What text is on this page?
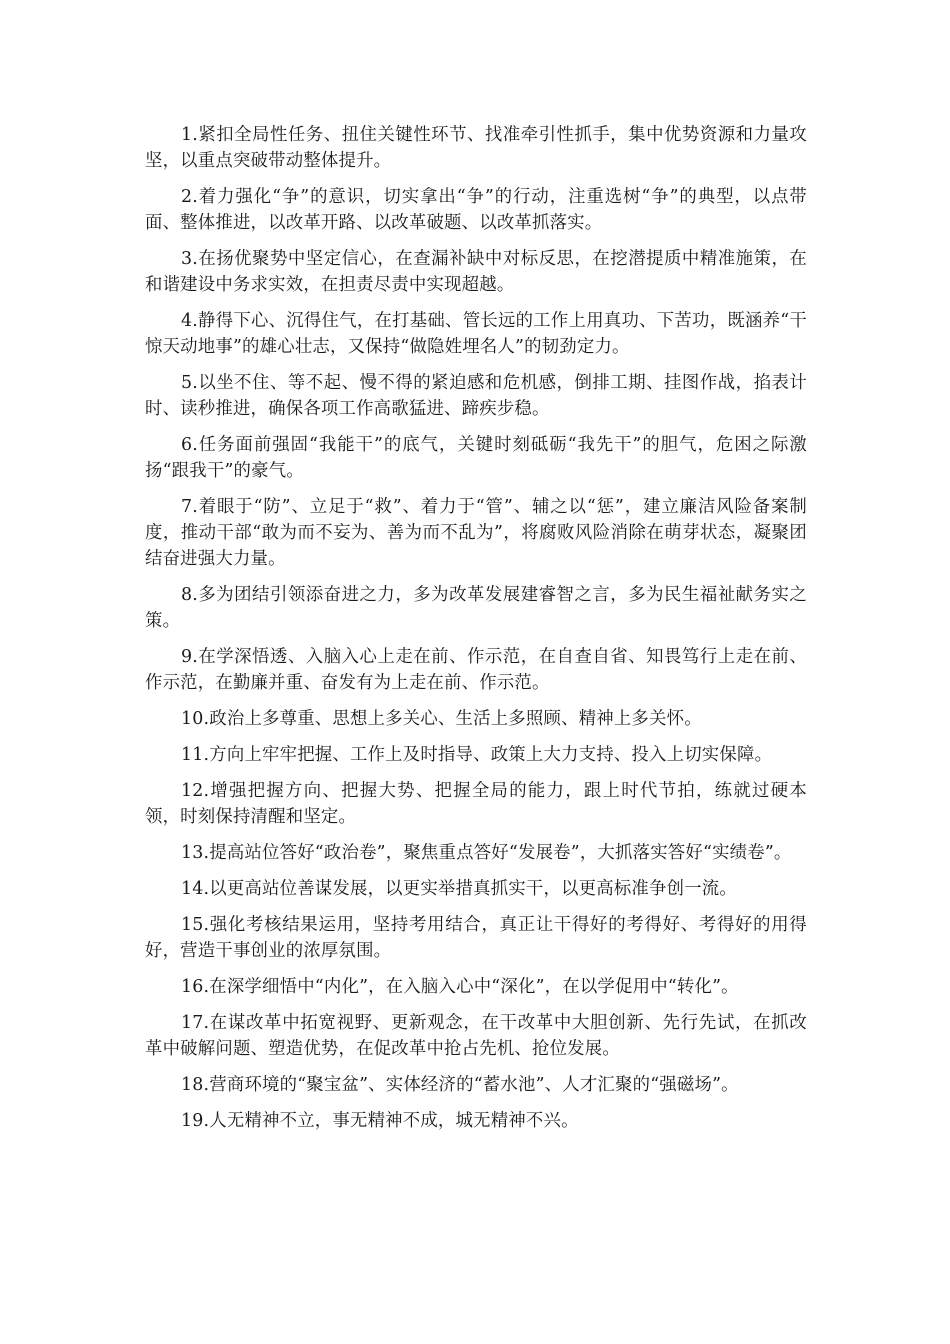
1.紧扣全局性任务、扭住关键性环节、找准牵引性抓手，集中优势资源和力量攻坚，以重点突破带动整体提升。

2.着力强化“争”的意识，切实拿出“争”的行动，注重选树“争”的典型，以点带面、整体推进，以改革开路、以改革破题、以改革抓落实。

3.在扬优聚势中坚定信心，在查漏补缺中对标反思，在挖潜提质中精准施策，在和谐建设中务求实效，在担责尽责中实现超越。

4.静得下心、沉得住气，在打基础、管长远的工作上用真功、下苦功，既涵养“干惊天动地事”的雄心壮志，又保持“做隐姓埋名人”的韧劲定力。

5.以坐不住、等不起、慢不得的紧迫感和危机感，倒排工期、挂图作战，掐表计时、读秒推进，确保各项工作高歌猛进、蹄疾步稳。

6.任务面前强固“我能干”的底气，关键时刻砥砺“我先干”的胆气，危困之际激扬“跟我干”的豪气。

7.着眼于“防”、立足于“救”、着力于“管”、辅之以“惩”，建立廉洁风险备案制度，推动干部“敢为而不妄为、善为而不乱为”，将腐败风险消除在萌芽状态，凝聚团结奋进强大力量。

8.多为团结引领添奋进之力，多为改革发展建睿智之言，多为民生福祉献务实之策。

9.在学深悟透、入脑入心上走在前、作示范，在自查自省、知畏笃行上走在前、作示范，在勤廉并重、奋发有为上走在前、作示范。

10.政治上多尊重、思想上多关心、生活上多照顾、精神上多关怀。

11.方向上牢牢把握、工作上及时指导、政策上大力支持、投入上切实保障。

12.增强把握方向、把握大势、把握全局的能力，跟上时代节拍，练就过硬本领，时刻保持清醒和坚定。

13.提高站位答好“政治卷”，聚焦重点答好“发展卷”，大抓落实答好“实绩卷”。

14.以更高站位善谋发展，以更实举措真抓实干，以更高标准争创一流。

15.强化考核结果运用，坚持考用结合，真正让干得好的考得好、考得好的用得好，营造干事创业的浓厚氛围。

16.在深学细悟中“内化”，在入脑入心中“深化”，在以学促用中“转化”。

17.在谋改革中拓宽视野、更新观念，在干改革中大胆创新、先行先试，在抓改革中破解问题、塑造优势，在促改革中抢占先机、抢位发展。

18.营商环境的“聚宝盆”、实体经济的“蓄水池”、人才汇聚的“强磁场”。

19.人无精神不立，事无精神不成，城无精神不兴。
